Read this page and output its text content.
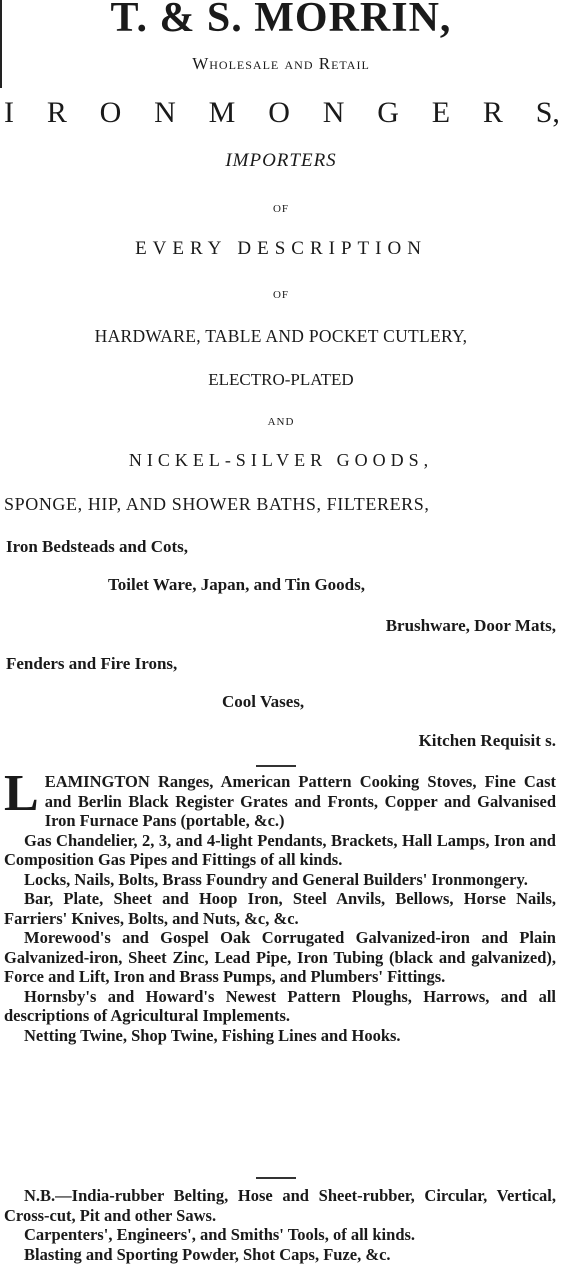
T. & S. MORRIN,
Wholesale and Retail
I R O N M O N G E R S,
IMPORTERS
OF
EVERY DESCRIPTION
OF
HARDWARE, TABLE AND POCKET CUTLERY,
ELECTRO-PLATED
AND
NICKEL-SILVER GOODS,
SPONGE, HIP, AND SHOWER BATHS, FILTERERS,
Iron Bedsteads and Cots,
Toilet Ware, Japan, and Tin Goods,
Brushware, Door Mats,
Fenders and Fire Irons,
Cool Vases,
Kitchen Requisit s.

LEAMINGTON Ranges, American Pattern Cooking Stoves, Fine Cast and Berlin Black Register Grates and Fronts, Copper and Galvanised Iron Furnace Pans (portable, &c.)

Gas Chandelier, 2, 3, and 4-light Pendants, Brackets, Hall Lamps, Iron and Composition Gas Pipes and Fittings of all kinds.

Locks, Nails, Bolts, Brass Foundry and General Builders' Ironmongery.

Bar, Plate, Sheet and Hoop Iron, Steel Anvils, Bellows, Horse Nails, Farriers' Knives, Bolts, and Nuts, &c, &c.

Morewood's and Gospel Oak Corrugated Galvanized-iron and Plain Galvanized-iron, Sheet Zinc, Lead Pipe, Iron Tubing (black and galvanized), Force and Lift, Iron and Brass Pumps, and Plumbers' Fittings.

Hornsby's and Howard's Newest Pattern Ploughs, Harrows, and all descriptions of Agricultural Implements.

Netting Twine, Shop Twine, Fishing Lines and Hooks.

N.B.—India-rubber Belting, Hose and Sheet-rubber, Circular, Vertical, Cross-cut, Pit and other Saws.

Carpenters', Engineers', and Smiths' Tools, of all kinds.

Blasting and Sporting Powder, Shot Caps, Fuze, &c.
